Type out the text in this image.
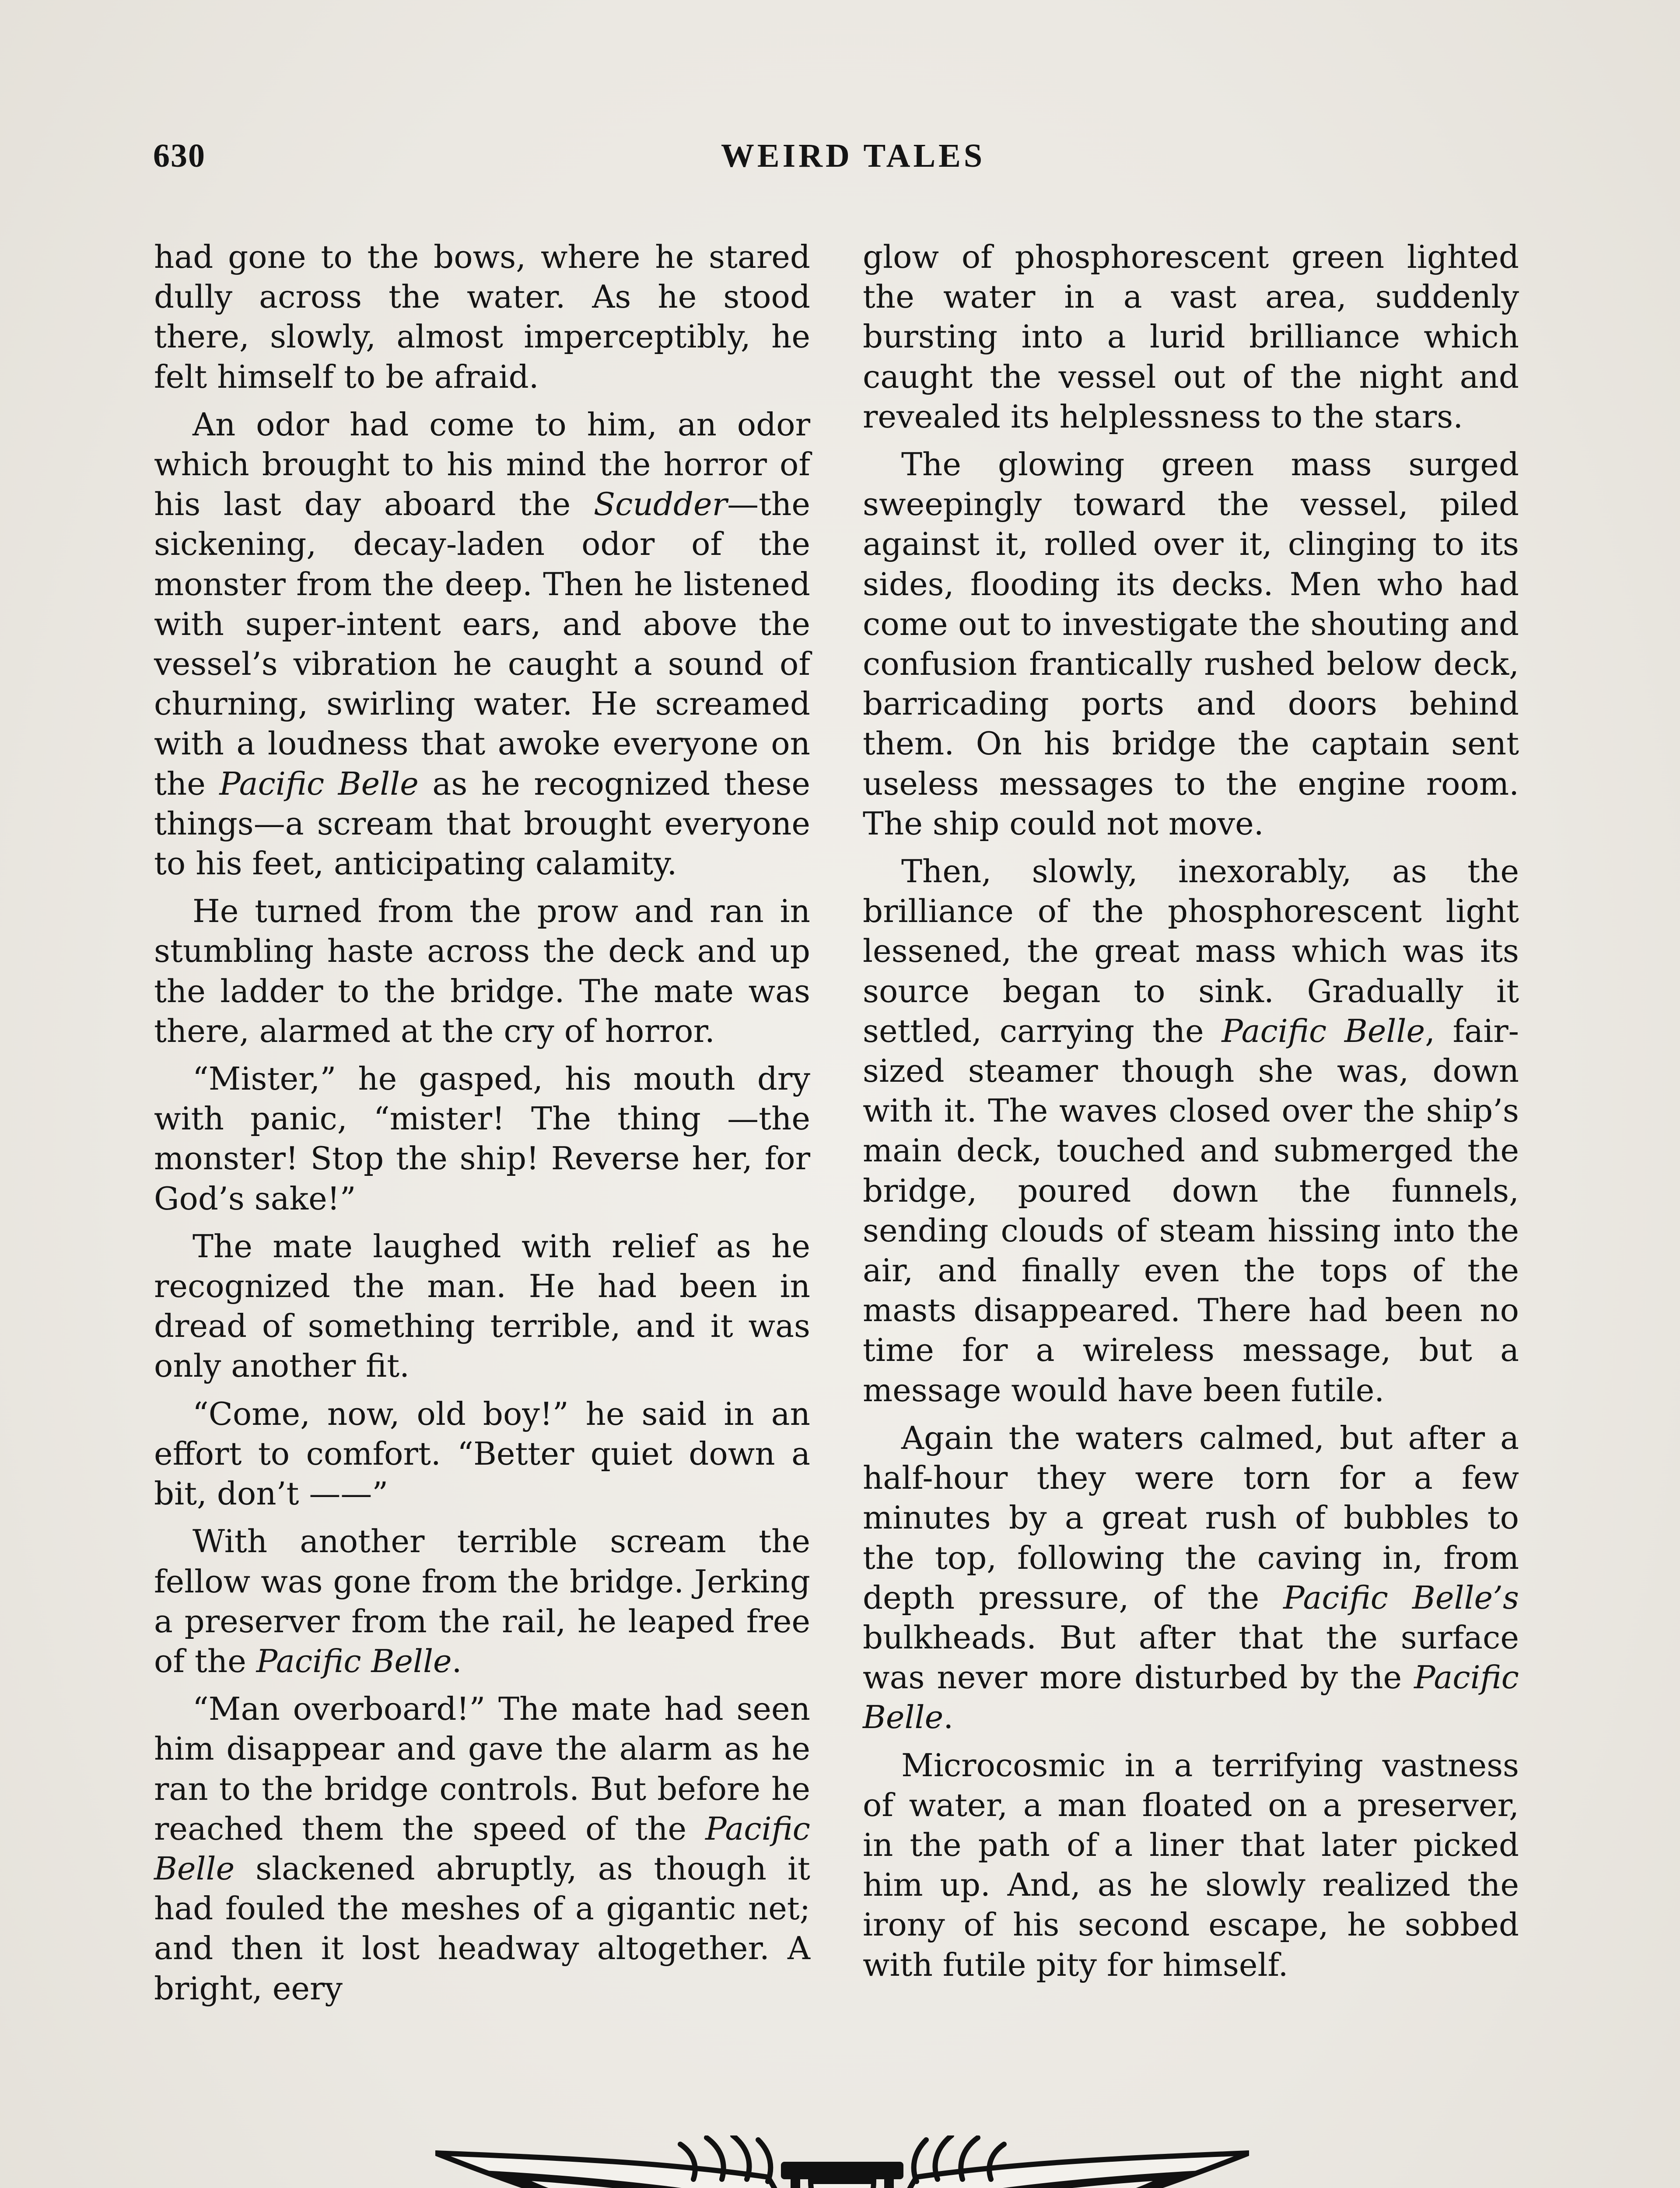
630	WEIRD TALES

had gone to the bows, where he stared dully across the water. As he stood there, slowly, almost imperceptibly, he felt himself to be afraid.

An odor had come to him, an odor which brought to his mind the horror of his last day aboard the Scudder—the sickening, decay-laden odor of the monster from the deep. Then he listened with super-intent ears, and above the vessel’s vibration he caught a sound of churning, swirling water. He screamed with a loudness that awoke everyone on the Pacific Belle as he recognized these things—a scream that brought everyone to his feet, anticipating calamity.

He turned from the prow and ran in stumbling haste across the deck and up the ladder to the bridge. The mate was there, alarmed at the cry of horror.

“Mister,” he gasped, his mouth dry with panic, “mister! The thing —the monster! Stop the ship! Reverse her, for God’s sake!”

The mate laughed with relief as he recognized the man. He had been in dread of something terrible, and it was only another fit.

“Come, now, old boy!” he said in an effort to comfort. “Better quiet down a bit, don’t ——”

With another terrible scream the fellow was gone from the bridge. Jerking a preserver from the rail, he leaped free of the Pacific Belle.

“Man overboard!” The mate had seen him disappear and gave the alarm as he ran to the bridge controls. But before he reached them the speed of the Pacific Belle slackened abruptly, as though it had fouled the meshes of a gigantic net; and then it lost headway altogether. A bright, eery

glow of phosphorescent green lighted the water in a vast area, suddenly bursting into a lurid brilliance which caught the vessel out of the night and revealed its helplessness to the stars.

The glowing green mass surged sweepingly toward the vessel, piled against it, rolled over it, clinging to its sides, flooding its decks. Men who had come out to investigate the shouting and confusion frantically rushed below deck, barricading ports and doors behind them. On his bridge the captain sent useless messages to the engine room. The ship could not move.

Then, slowly, inexorably, as the brilliance of the phosphorescent light lessened, the great mass which was its source began to sink. Gradually it settled, carrying the Pacific Belle, fair-sized steamer though she was, down with it. The waves closed over the ship’s main deck, touched and submerged the bridge, poured down the funnels, sending clouds of steam hissing into the air, and finally even the tops of the masts disappeared. There had been no time for a wireless message, but a message would have been futile.

Again the waters calmed, but after a half-hour they were torn for a few minutes by a great rush of bubbles to the top, following the caving in, from depth pressure, of the Pacific Belle’s bulkheads. But after that the surface was never more disturbed by the Pacific Belle.

Microcosmic in a terrifying vastness of water, a man floated on a preserver, in the path of a liner that later picked him up. And, as he slowly realized the irony of his second escape, he sobbed with futile pity for himself.
